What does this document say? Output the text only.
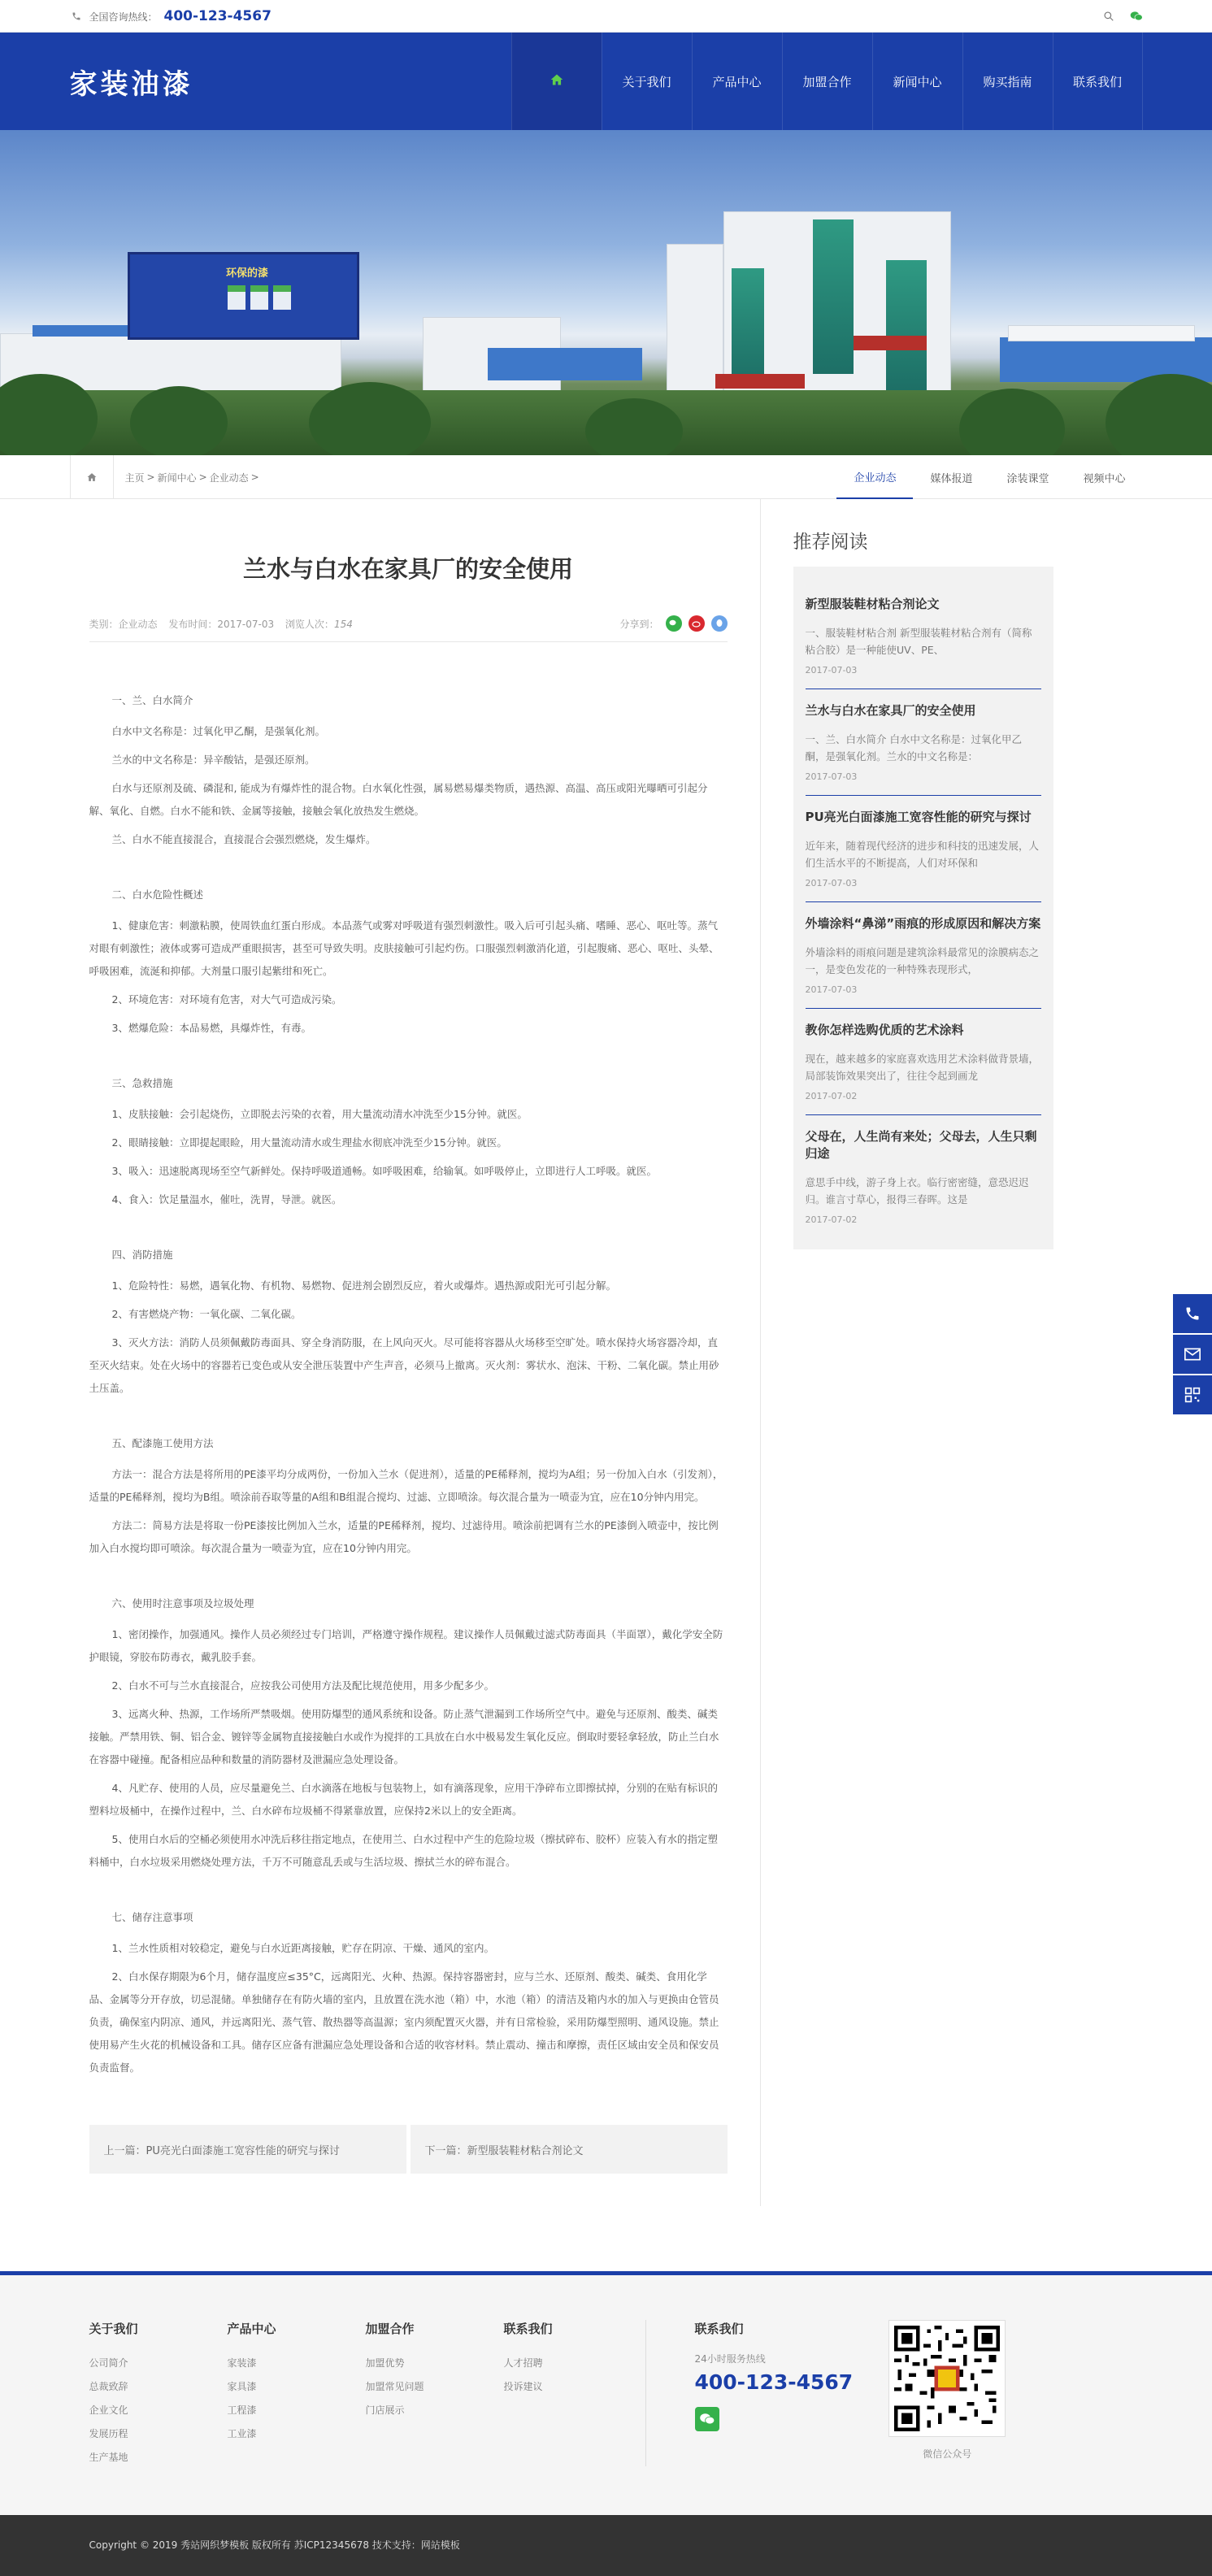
全国咨询热线： 400-123-4567
家装油漆	关于我们	产品中心	加盟合作	新闻中心	购买指南	联系我们

环保的漆
主页 > 新闻中心 > 企业动态 >	企业动态	媒体报道	涂装课堂	视频中心
兰水与白水在家具厂的安全使用
类别：企业动态 发布时间：2017-07-03 浏览人次：154	分享到：
一、兰、白水简介

白水中文名称是：过氧化甲乙酮，是强氧化剂。

兰水的中文名称是：异辛酸钴，是强还原剂。

白水与还原剂及硫、磷混和, 能成为有爆炸性的混合物。白水氧化性强，属易燃易爆类物质，遇热源、高温、高压或阳光曝晒可引起分解、氧化、自燃。白水不能和铁、金属等接触，接触会氧化放热发生燃烧。

兰、白水不能直接混合，直接混合会强烈燃烧，发生爆炸。

二、白水危险性概述

1、健康危害：刺激粘膜，使周铁血红蛋白形成。本品蒸气或雾对呼吸道有强烈刺激性。吸入后可引起头痛、嗜睡、恶心、呕吐等。蒸气对眼有刺激性；液体或雾可造成严重眼损害，甚至可导致失明。皮肤接触可引起灼伤。口服强烈刺激消化道，引起腹痛、恶心、呕吐、头晕、呼吸困难，流涎和抑郁。大剂量口服引起紫绀和死亡。

2、环境危害：对环境有危害，对大气可造成污染。

3、燃爆危险：本品易燃，具爆炸性，有毒。

三、急救措施

1、皮肤接触：会引起烧伤，立即脱去污染的衣着，用大量流动清水冲洗至少15分钟。就医。

2、眼睛接触：立即提起眼睑，用大量流动清水或生理盐水彻底冲洗至少15分钟。就医。

3、吸入：迅速脱离现场至空气新鲜处。保持呼吸道通畅。如呼吸困难，给输氧。如呼吸停止，立即进行人工呼吸。就医。

4、食入：饮足量温水，催吐，洗胃，导泄。就医。

四、消防措施

1、危险特性：易燃，遇氧化物、有机物、易燃物、促进剂会剧烈反应，着火或爆炸。遇热源或阳光可引起分解。

2、有害燃烧产物：一氧化碳、二氧化碳。

3、灭火方法：消防人员须佩戴防毒面具、穿全身消防服，在上风向灭火。尽可能将容器从火场移至空旷处。喷水保持火场容器冷却，直至灭火结束。处在火场中的容器若已变色或从安全泄压装置中产生声音，必须马上撤离。灭火剂：雾状水、泡沫、干粉、二氧化碳。禁止用砂土压盖。

五、配漆施工使用方法

方法一：混合方法是将所用的PE漆平均分成两份，一份加入兰水（促进剂），适量的PE稀释剂，搅均为A组；另一份加入白水（引发剂），适量的PE稀释剂，搅均为B组。喷涂前吞取等量的A组和B组混合搅均、过滤、立即喷涂。每次混合量为一喷壶为宜，应在10分钟内用完。

方法二：简易方法是将取一份PE漆按比例加入兰水，适量的PE稀释剂，搅均、过滤待用。喷涂前把调有兰水的PE漆倒入喷壶中，按比例加入白水搅均即可喷涂。每次混合量为一喷壶为宜，应在10分钟内用完。

六、使用时注意事项及垃圾处理

1、密闭操作，加强通风。操作人员必须经过专门培训，严格遵守操作规程。建议操作人员佩戴过滤式防毒面具（半面罩），戴化学安全防护眼镜，穿胶布防毒衣，戴乳胶手套。

2、白水不可与兰水直接混合，应按我公司使用方法及配比规范使用，用多少配多少。

3、远离火种、热源，工作场所严禁吸烟。使用防爆型的通风系统和设备。防止蒸气泄漏到工作场所空气中。避免与还原剂、酸类、碱类接触。严禁用铁、铜、铝合金、镀锌等金属物直接接触白水或作为搅拌的工具放在白水中极易发生氧化反应。倒取时要轻拿轻放，防止兰白水在容器中碰撞。配备相应品种和数量的消防器材及泄漏应急处理设备。

4、凡贮存、使用的人员，应尽量避免兰、白水滴落在地板与包装物上，如有滴落现象，应用干净碎布立即擦拭掉，分别的在贴有标识的塑料垃圾桶中，在操作过程中，兰、白水碎布垃圾桶不得紧靠放置，应保持2米以上的安全距离。

5、使用白水后的空桶必须使用水冲洗后移往指定地点，在使用兰、白水过程中产生的危险垃圾（擦拭碎布、胶杯）应装入有水的指定塑料桶中，白水垃圾采用燃烧处理方法，千万不可随意乱丢或与生活垃圾、擦拭兰水的碎布混合。

七、储存注意事项

1、兰水性质相对较稳定，避免与白水近距离接触，贮存在阴凉、干燥、通风的室内。

2、白水保存期限为6个月，储存温度应≤35°C，远离阳光、火种、热源。保持容器密封，应与兰水、还原剂、酸类、碱类、食用化学品、金属等分开存放，切忌混储。单独储存在有防火墙的室内，且放置在洗水池（箱）中，水池（箱）的清洁及箱内水的加入与更换由仓管员负责，确保室内阴凉、通风，并远离阳光、蒸气管、散热器等高温源；室内须配置灭火器，并有日常检验，采用防爆型照明、通风设施。禁止使用易产生火花的机械设备和工具。储存区应备有泄漏应急处理设备和合适的收容材料。禁止震动、撞击和摩擦，责任区域由安全员和保安员负责监督。

上一篇：PU亮光白面漆施工宽容性能的研究与探讨	下一篇：新型服装鞋材粘合剂论文
推荐阅读
新型服装鞋材粘合剂论文
一、服装鞋材粘合剂 新型服装鞋材粘合剂有（简称粘合胶）是一种能使UV、PE、
2017-07-03
兰水与白水在家具厂的安全使用
一、兰、白水简介 白水中文名称是：过氧化甲乙酮，是强氧化剂。兰水的中文名称是：
2017-07-03
PU亮光白面漆施工宽容性能的研究与探讨
近年来，随着现代经济的进步和科技的迅速发展，人们生活水平的不断提高，人们对环保和
2017-07-03
外墙涂料“鼻涕”雨痕的形成原因和解决方案
外墙涂料的雨痕问题是建筑涂料最常见的涂膜病态之一，是变色发花的一种特殊表现形式，
2017-07-03
教你怎样选购优质的艺术涂料
现在，越来越多的家庭喜欢选用艺术涂料做背景墙，局部装饰效果突出了，往往令起到画龙
2017-07-02
父母在，人生尚有来处；父母去，人生只剩归途
意思手中线，游子身上衣。临行密密缝，意恐迟迟归。谁言寸草心，报得三春晖。这是
2017-07-02
关于我们
公司简介
总裁致辞
企业文化
发展历程
生产基地
产品中心
家装漆
家具漆
工程漆
工业漆
加盟合作
加盟优势
加盟常见问题
门店展示
联系我们
人才招聘
投诉建议
联系我们
24小时服务热线
400-123-4567
微信公众号
Copyright © 2019 秀站网织梦模板 版权所有 苏ICP12345678 技术支持：网站模板
